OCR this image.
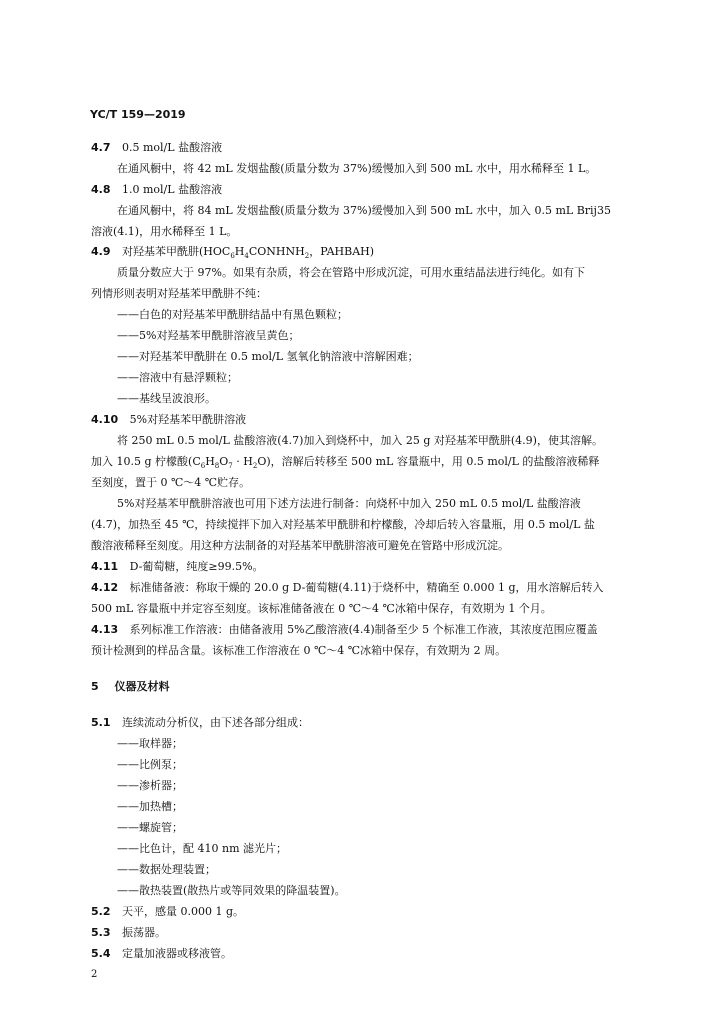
YC/T 159—2019
4.7 0.5 mol/L 盐酸溶液
在通风橱中，将 42 mL 发烟盐酸(质量分数为 37%)缓慢加入到 500 mL 水中，用水稀释至 1 L。
4.8 1.0 mol/L 盐酸溶液
在通风橱中，将 84 mL 发烟盐酸(质量分数为 37%)缓慢加入到 500 mL 水中，加入 0.5 mL Brij35
溶液(4.1)，用水稀释至 1 L。
4.9 对羟基苯甲酰肼($HOC_6H_4CONHNH_2$，PAHBAH)
质量分数应大于 97%。如果有杂质，将会在管路中形成沉淀，可用水重结晶法进行纯化。如有下
列情形则表明对羟基苯甲酰肼不纯：
——白色的对羟基苯甲酰肼结晶中有黑色颗粒；
——5%对羟基苯甲酰肼溶液呈黄色；
——对羟基苯甲酰肼在 0.5 mol/L 氢氧化钠溶液中溶解困难；
——溶液中有悬浮颗粒；
——基线呈波浪形。
4.10 5%对羟基苯甲酰肼溶液
将 250 mL 0.5 mol/L 盐酸溶液(4.7)加入到烧杯中，加入 25 g 对羟基苯甲酰肼(4.9)，使其溶解。
加入 10.5 g 柠檬酸$(C_6H_8O_7 \cdot H_2O)$，溶解后转移至 500 mL 容量瓶中，用 0.5 mol/L 的盐酸溶液稀释
至刻度，置于 0 ℃～4 ℃贮存。
5%对羟基苯甲酰肼溶液也可用下述方法进行制备：向烧杯中加入 250 mL 0.5 mol/L 盐酸溶液
(4.7)，加热至 45 ℃，持续搅拌下加入对羟基苯甲酰肼和柠檬酸，冷却后转入容量瓶，用 0.5 mol/L 盐
酸溶液稀释至刻度。用这种方法制备的对羟基苯甲酰肼溶液可避免在管路中形成沉淀。
4.11 D-葡萄糖，纯度≥99.5%。
4.12 标准储备液：称取干燥的 20.0 g D-葡萄糖(4.11)于烧杯中，精确至 0.000 1 g，用水溶解后转入
500 mL 容量瓶中并定容至刻度。该标准储备液在 0 ℃～4 ℃冰箱中保存，有效期为 1 个月。
4.13 系列标准工作溶液：由储备液用 5%乙酸溶液(4.4)制备至少 5 个标准工作液，其浓度范围应覆盖
预计检测到的样品含量。该标准工作溶液在 0 ℃～4 ℃冰箱中保存，有效期为 2 周。
5 仪器及材料
5.1 连续流动分析仪，由下述各部分组成：
——取样器；
——比例泵；
——渗析器；
——加热槽；
——螺旋管；
——比色计，配 410 nm 滤光片；
——数据处理装置；
——散热装置(散热片或等同效果的降温装置)。
5.2 天平，感量 0.000 1 g。
5.3 振荡器。
5.4 定量加液器或移液管。
2
